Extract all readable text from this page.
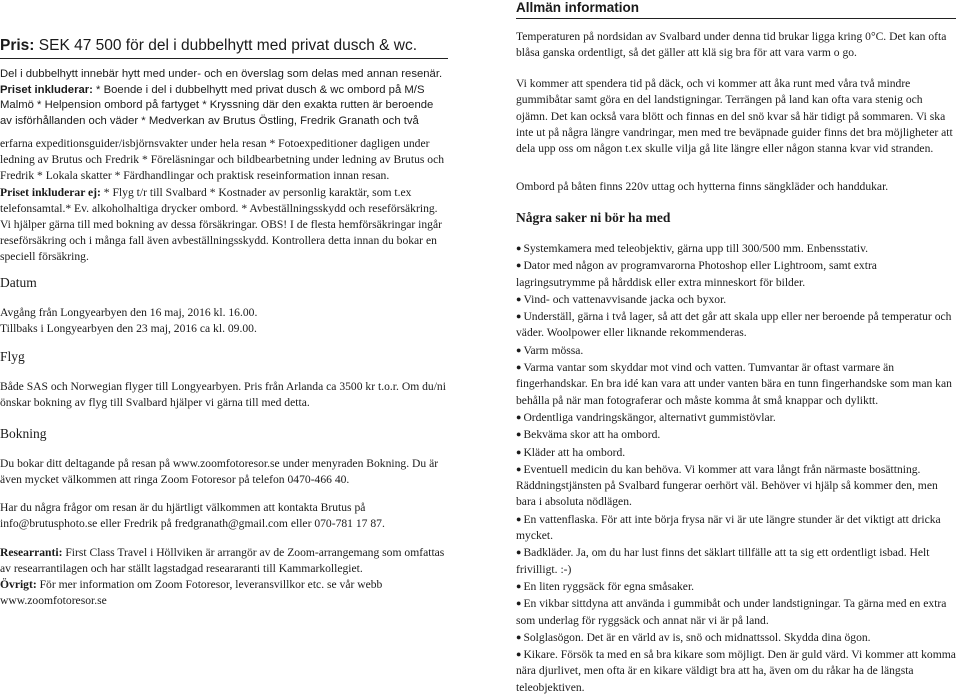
Pris: SEK 47 500 för del i dubbelhytt med privat dusch & wc.

Del i dubbelhytt innebär hytt med under- och en överslag som delas med annan resenär.

Priset inkluderar: * Boende i del i dubbelhytt med privat dusch & wc ombord på M/S Malmö * Helpension ombord på fartyget * Kryssning där den exakta rutten är beroende av isförhållanden och väder * Medverkan av Brutus Östling, Fredrik Granath och två

erfarna expeditionsguider/isbjörnsvakter under hela resan * Fotoexpeditioner dagligen under ledning av Brutus och Fredrik * Föreläsningar och bildbearbetning under ledning av Brutus och Fredrik * Lokala skatter * Färdhandlingar och praktisk reseinformation innan resan.

Priset inkluderar ej: * Flyg t/r till Svalbard * Kostnader av personlig karaktär, som t.ex telefonsamtal.* Ev. alkoholhaltiga drycker ombord. * Avbeställningsskydd och reseförsäkring. Vi hjälper gärna till med bokning av dessa försäkringar. OBS! I de flesta hemförsäkringar ingår reseförsäkring och i många fall även avbeställningsskydd. Kontrollera detta innan du bokar en speciell försäkring.

Datum

Avgång från Longyearbyen den 16 maj, 2016 kl. 16.00.

Tillbaks i Longyearbyen den 23 maj, 2016 ca kl. 09.00.

Flyg
Både SAS och Norwegian flyger till Longyearbyen. Pris från Arlanda ca 3500 kr t.o.r. Om du/ni önskar bokning av flyg till Svalbard hjälper vi gärna till med detta.
Bokning
Du bokar ditt deltagande på resan på www.zoomfotoresor.se under menyraden Bokning. Du är även mycket välkommen att ringa Zoom Fotoresor på telefon 0470-466 40.
Har du några frågor om resan är du hjärtligt välkommen att kontakta Brutus på info@brutusphoto.se eller Fredrik på fredgranath@gmail.com eller 070-781 17 87.

Researranti: First Class Travel i Höllviken är arrangör av de Zoom-arrangemang som omfattas av researrantilagen och har ställt lagstadgad researaranti till Kammarkollegiet.

Övrigt: För mer information om Zoom Fotoresor, leveransvillkor etc. se vår webb www.zoomfotoresor.se

Allmän information
Temperaturen på nordsidan av Svalbard under denna tid brukar ligga kring 0°C. Det kan ofta blåsa ganska ordentligt, så det gäller att klä sig bra för att vara varm o go.
Vi kommer att spendera tid på däck, och vi kommer att åka runt med våra två mindre gummibåtar samt göra en del landstigningar. Terrängen på land kan ofta vara stenig och ojämn. Det kan också vara blött och finnas en del snö kvar så här tidigt på sommaren. Vi ska inte ut på några längre vandringar, men med tre beväpnade guider finns det bra möjligheter att dela upp oss om någon t.ex skulle vilja gå lite längre eller någon stanna kvar vid stranden.
Ombord på båten finns 220v uttag och hytterna finns sängkläder och handdukar.
Några saker ni bör ha med
● Systemkamera med teleobjektiv, gärna upp till 300/500 mm. Enbensstativ.
● Dator med någon av programvarorna Photoshop eller Lightroom, samt extra lagringsutrymme på hårddisk eller extra minneskort för bilder.
● Vind- och vattenavvisande jacka och byxor.
● Underställ, gärna i två lager, så att det går att skala upp eller ner beroende på temperatur och väder. Woolpower eller liknande rekommenderas.
● Varm mössa.
● Varma vantar som skyddar mot vind och vatten. Tumvantar är oftast varmare än fingerhandskar. En bra idé kan vara att under vanten bära en tunn fingerhandske som man kan behålla på när man fotograferar och måste komma åt små knappar och dyliktt.
● Ordentliga vandringskängor, alternativt gummistövlar.
● Bekväma skor att ha ombord.
● Kläder att ha ombord.
● Eventuell medicin du kan behöva. Vi kommer att vara långt från närmaste bosättning. Räddningstjänsten på Svalbard fungerar oerhört väl. Behöver vi hjälp så kommer den, men bara i absoluta nödlägen.
● En vattenflaska. För att inte börja frysa när vi är ute längre stunder är det viktigt att dricka mycket.
● Badkläder. Ja, om du har lust finns det säklart tillfälle att ta sig ett ordentligt isbad. Helt frivilligt. :-)
● En liten ryggsäck för egna småsaker.
● En vikbar sittdyna att använda i gummibåt och under landstigningar. Ta gärna med en extra som underlag för ryggsäck och annat när vi är på land.
● Solglasögon. Det är en värld av is, snö och midnattssol. Skydda dina ögon.
● Kikare. Försök ta med en så bra kikare som möjligt. Den är guld värd. Vi kommer att komma nära djurlivet, men ofta är en kikare väldigt bra att ha, även om du råkar ha de längsta teleobjektiven.
